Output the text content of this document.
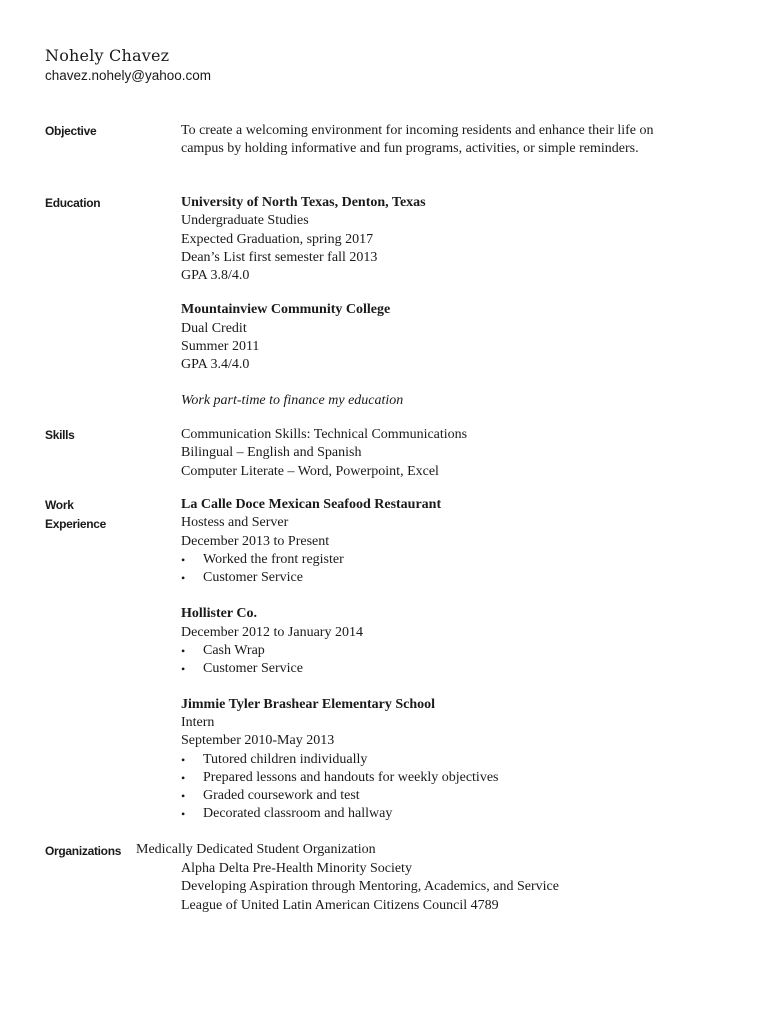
Nohely Chavez
chavez.nohely@yahoo.com
Objective	To create a welcoming environment for incoming residents and enhance their life on campus by holding informative and fun programs, activities, or simple reminders.
Education	University of North Texas, Denton, Texas
Undergraduate Studies
Expected Graduation, spring 2017
Dean’s List first semester fall 2013
GPA 3.8/4.0
Mountainview Community College
Dual Credit
Summer 2011
GPA 3.4/4.0
Work part-time to finance my education
Skills	Communication Skills: Technical Communications
Bilingual – English and Spanish
Computer Literate – Word, Powerpoint, Excel
Work
Experience
La Calle Doce Mexican Seafood Restaurant
Hostess and Server
December 2013 to Present
• Worked the front register
• Customer Service
Hollister Co.
December 2012 to January 2014
• Cash Wrap
• Customer Service
Jimmie Tyler Brashear Elementary School
Intern
September 2010-May 2013
• Tutored children individually
• Prepared lessons and handouts for weekly objectives
• Graded coursework and test
• Decorated classroom and hallway
Organizations	Medically Dedicated Student Organization
Alpha Delta Pre-Health Minority Society
Developing Aspiration through Mentoring, Academics, and Service
League of United Latin American Citizens Council 4789
